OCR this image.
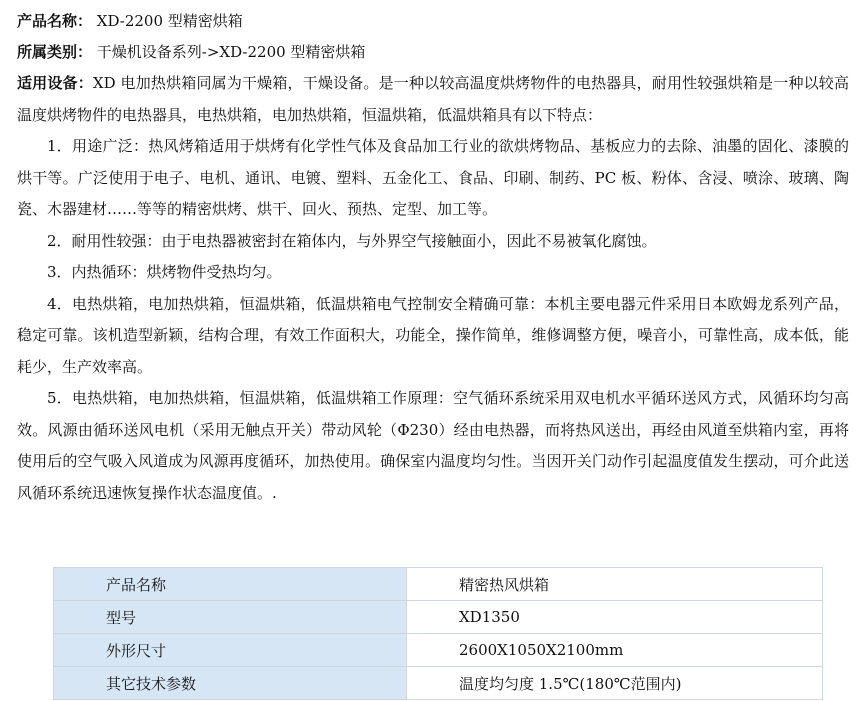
产品名称： XD-2200 型精密烘箱
所属类别： 干燥机设备系列->XD-2200 型精密烘箱

适用设备：XD 电加热烘箱同属为干燥箱，干燥设备。是一种以较高温度烘烤物件的电热器具，耐用性较强烘箱是一种以较高温度烘烤物件的电热器具，电热烘箱，电加热烘箱，恒温烘箱，低温烘箱具有以下特点：

1．用途广泛：热风烤箱适用于烘烤有化学性气体及食品加工行业的欲烘烤物品、基板应力的去除、油墨的固化、漆膜的烘干等。广泛使用于电子、电机、通讯、电镀、塑料、五金化工、食品、印刷、制药、PC 板、粉体、含浸、喷涂、玻璃、陶瓷、木器建材……等等的精密烘烤、烘干、回火、预热、定型、加工等。

2．耐用性较强：由于电热器被密封在箱体内，与外界空气接触面小，因此不易被氧化腐蚀。

3．内热循环：烘烤物件受热均匀。

4．电热烘箱，电加热烘箱，恒温烘箱，低温烘箱电气控制安全精确可靠：本机主要电器元件采用日本欧姆龙系列产品，稳定可靠。该机造型新颖，结构合理，有效工作面积大，功能全，操作简单，维修调整方便，噪音小，可靠性高，成本低，能耗少，生产效率高。

5．电热烘箱，电加热烘箱，恒温烘箱，低温烘箱工作原理：空气循环系统采用双电机水平循环送风方式，风循环均匀高效。风源由循环送风电机（采用无触点开关）带动风轮（Φ230）经由电热器，而将热风送出，再经由风道至烘箱内室，再将使用后的空气吸入风道成为风源再度循环，加热使用。确保室内温度均匀性。当因开关门动作引起温度值发生摆动，可介此送风循环系统迅速恢复操作状态温度值。.

产品名称	精密热风烘箱
型号	XD1350
外形尺寸	2600X1050X2100mm
其它技术参数	温度均匀度 1.5℃(180℃范围内)
